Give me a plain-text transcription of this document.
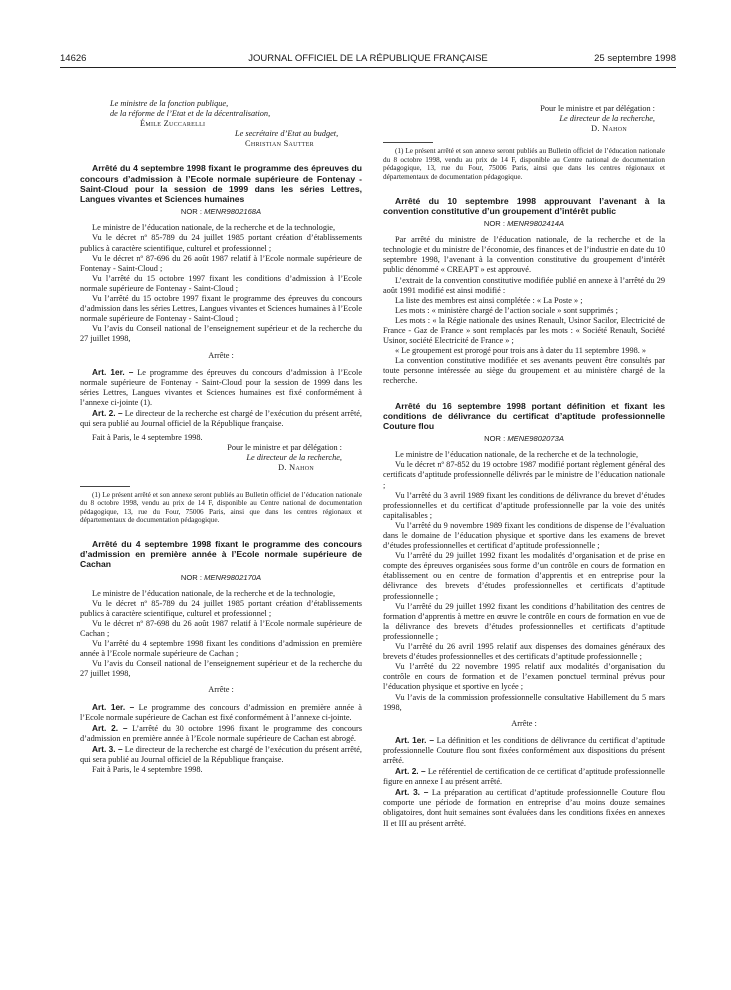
14626	JOURNAL OFFICIEL DE LA RÉPUBLIQUE FRANÇAISE	25 septembre 1998
Le ministre de la fonction publique,
de la réforme de l’Etat et de la décentralisation,
Émile Zuccarelli
Le secrétaire d’Etat au budget,
Christian Sautter

Arrêté du 4 septembre 1998 fixant le programme des épreuves du concours d’admission à l’Ecole normale supérieure de Fontenay - Saint-Cloud pour la session de 1999 dans les séries Lettres, Langues vivantes et Sciences humaines

NOR : MENR9802168A

Le ministre de l’éducation nationale, de la recherche et de la technologie,

Vu le décret nº 85-789 du 24 juillet 1985 portant création d’établissements publics à caractère scientifique, culturel et professionnel ;

Vu le décret nº 87-696 du 26 août 1987 relatif à l’Ecole normale supérieure de Fontenay - Saint-Cloud ;

Vu l’arrêté du 15 octobre 1997 fixant les conditions d’admission à l’Ecole normale supérieure de Fontenay - Saint-Cloud ;

Vu l’arrêté du 15 octobre 1997 fixant le programme des épreuves du concours d’admission dans les séries Lettres, Langues vivantes et Sciences humaines à l’Ecole normale supérieure de Fontenay - Saint-Cloud ;

Vu l’avis du Conseil national de l’enseignement supérieur et de la recherche du 27 juillet 1998,

Arrête :

Art. 1er. – Le programme des épreuves du concours d’admission à l’Ecole normale supérieure de Fontenay - Saint-Cloud pour la session de 1999 dans les séries Lettres, Langues vivantes et Sciences humaines est fixé conformément à l’annexe ci-jointe (1).

Art. 2. – Le directeur de la recherche est chargé de l’exécution du présent arrêté, qui sera publié au Journal officiel de la République française.

Fait à Paris, le 4 septembre 1998.

Pour le ministre et par délégation :
Le directeur de la recherche,
D. Nahon

(1) Le présent arrêté et son annexe seront publiés au Bulletin officiel de l’éducation nationale du 8 octobre 1998, vendu au prix de 14 F, disponible au Centre national de documentation pédagogique, 13, rue du Four, 75006 Paris, ainsi que dans les centres régionaux et départementaux de documentation pédagogique.

Arrêté du 4 septembre 1998 fixant le programme des concours d’admission en première année à l’Ecole normale supérieure de Cachan

NOR : MENR9802170A

Le ministre de l’éducation nationale, de la recherche et de la technologie,

Vu le décret nº 85-789 du 24 juillet 1985 portant création d’établissements publics à caractère scientifique, culturel et professionnel ;

Vu le décret nº 87-698 du 26 août 1987 relatif à l’Ecole normale supérieure de Cachan ;

Vu l’arrêté du 4 septembre 1998 fixant les conditions d’admission en première année à l’Ecole normale supérieure de Cachan ;

Vu l’avis du Conseil national de l’enseignement supérieur et de la recherche du 27 juillet 1998,

Arrête :

Art. 1er. – Le programme des concours d’admission en première année à l’Ecole normale supérieure de Cachan est fixé conformément à l’annexe ci-jointe.

Art. 2. – L’arrêté du 30 octobre 1996 fixant le programme des concours d’admission en première année à l’Ecole normale supérieure de Cachan est abrogé.

Art. 3. – Le directeur de la recherche est chargé de l’exécution du présent arrêté, qui sera publié au Journal officiel de la République française.

Fait à Paris, le 4 septembre 1998.

Pour le ministre et par délégation :
Le directeur de la recherche,
D. Nahon

(1) Le présent arrêté et son annexe seront publiés au Bulletin officiel de l’éducation nationale du 8 octobre 1998, vendu au prix de 14 F, disponible au Centre national de documentation pédagogique, 13, rue du Four, 75006 Paris, ainsi que dans les centres régionaux et départementaux de documentation pédagogique.

Arrêté du 10 septembre 1998 approuvant l’avenant à la convention constitutive d’un groupement d’intérêt public

NOR : MENR9802414A

Par arrêté du ministre de l’éducation nationale, de la recherche et de la technologie et du ministre de l’économie, des finances et de l’industrie en date du 10 septembre 1998, l’avenant à la convention constitutive du groupement d’intérêt public dénommé « CREAPT » est approuvé.

L’extrait de la convention constitutive modifiée publié en annexe à l’arrêté du 29 août 1991 modifié est ainsi modifié :

La liste des membres est ainsi complétée : « La Poste » ;

Les mots : « ministère chargé de l’action sociale » sont supprimés ;

Les mots : « la Régie nationale des usines Renault, Usinor Sacilor, Electricité de France - Gaz de France » sont remplacés par les mots : « Société Renault, Société Usinor, société Electricité de France » ;

« Le groupement est prorogé pour trois ans à dater du 11 septembre 1998. »

La convention constitutive modifiée et ses avenants peuvent être consultés par toute personne intéressée au siège du groupement et au ministère chargé de la recherche.

Arrêté du 16 septembre 1998 portant définition et fixant les conditions de délivrance du certificat d’aptitude professionnelle Couture flou

NOR : MENE9802073A

Le ministre de l’éducation nationale, de la recherche et de la technologie,

Vu le décret nº 87-852 du 19 octobre 1987 modifié portant règlement général des certificats d’aptitude professionnelle délivrés par le ministre de l’éducation nationale ;

Vu l’arrêté du 3 avril 1989 fixant les conditions de délivrance du brevet d’études professionnelles et du certificat d’aptitude professionnelle par la voie des unités capitalisables ;

Vu l’arrêté du 9 novembre 1989 fixant les conditions de dispense de l’évaluation dans le domaine de l’éducation physique et sportive dans les examens de brevet d’études professionnelles et certificat d’aptitude professionnelle ;

Vu l’arrêté du 29 juillet 1992 fixant les modalités d’organisation et de prise en compte des épreuves organisées sous forme d’un contrôle en cours de formation en établissement ou en centre de formation d’apprentis et en entreprise pour la délivrance des brevets d’études professionnelles et certificats d’aptitude professionnelle ;

Vu l’arrêté du 29 juillet 1992 fixant les conditions d’habilitation des centres de formation d’apprentis à mettre en œuvre le contrôle en cours de formation en vue de la délivrance des brevets d’études professionnelles et certificats d’aptitude professionnelle ;

Vu l’arrêté du 26 avril 1995 relatif aux dispenses des domaines généraux des brevets d’études professionnelles et des certificats d’aptitude professionnelle ;

Vu l’arrêté du 22 novembre 1995 relatif aux modalités d’organisation du contrôle en cours de formation et de l’examen ponctuel terminal prévus pour l’éducation physique et sportive en lycée ;

Vu l’avis de la commission professionnelle consultative Habillement du 5 mars 1998,

Arrête :

Art. 1er. – La définition et les conditions de délivrance du certificat d’aptitude professionnelle Couture flou sont fixées conformément aux dispositions du présent arrêté.

Art. 2. – Le référentiel de certification de ce certificat d’aptitude professionnelle figure en annexe I au présent arrêté.

Art. 3. – La préparation au certificat d’aptitude professionnelle Couture flou comporte une période de formation en entreprise d’au moins douze semaines obligatoires, dont huit semaines sont évaluées dans les conditions fixées en annexes II et III au présent arrêté.
